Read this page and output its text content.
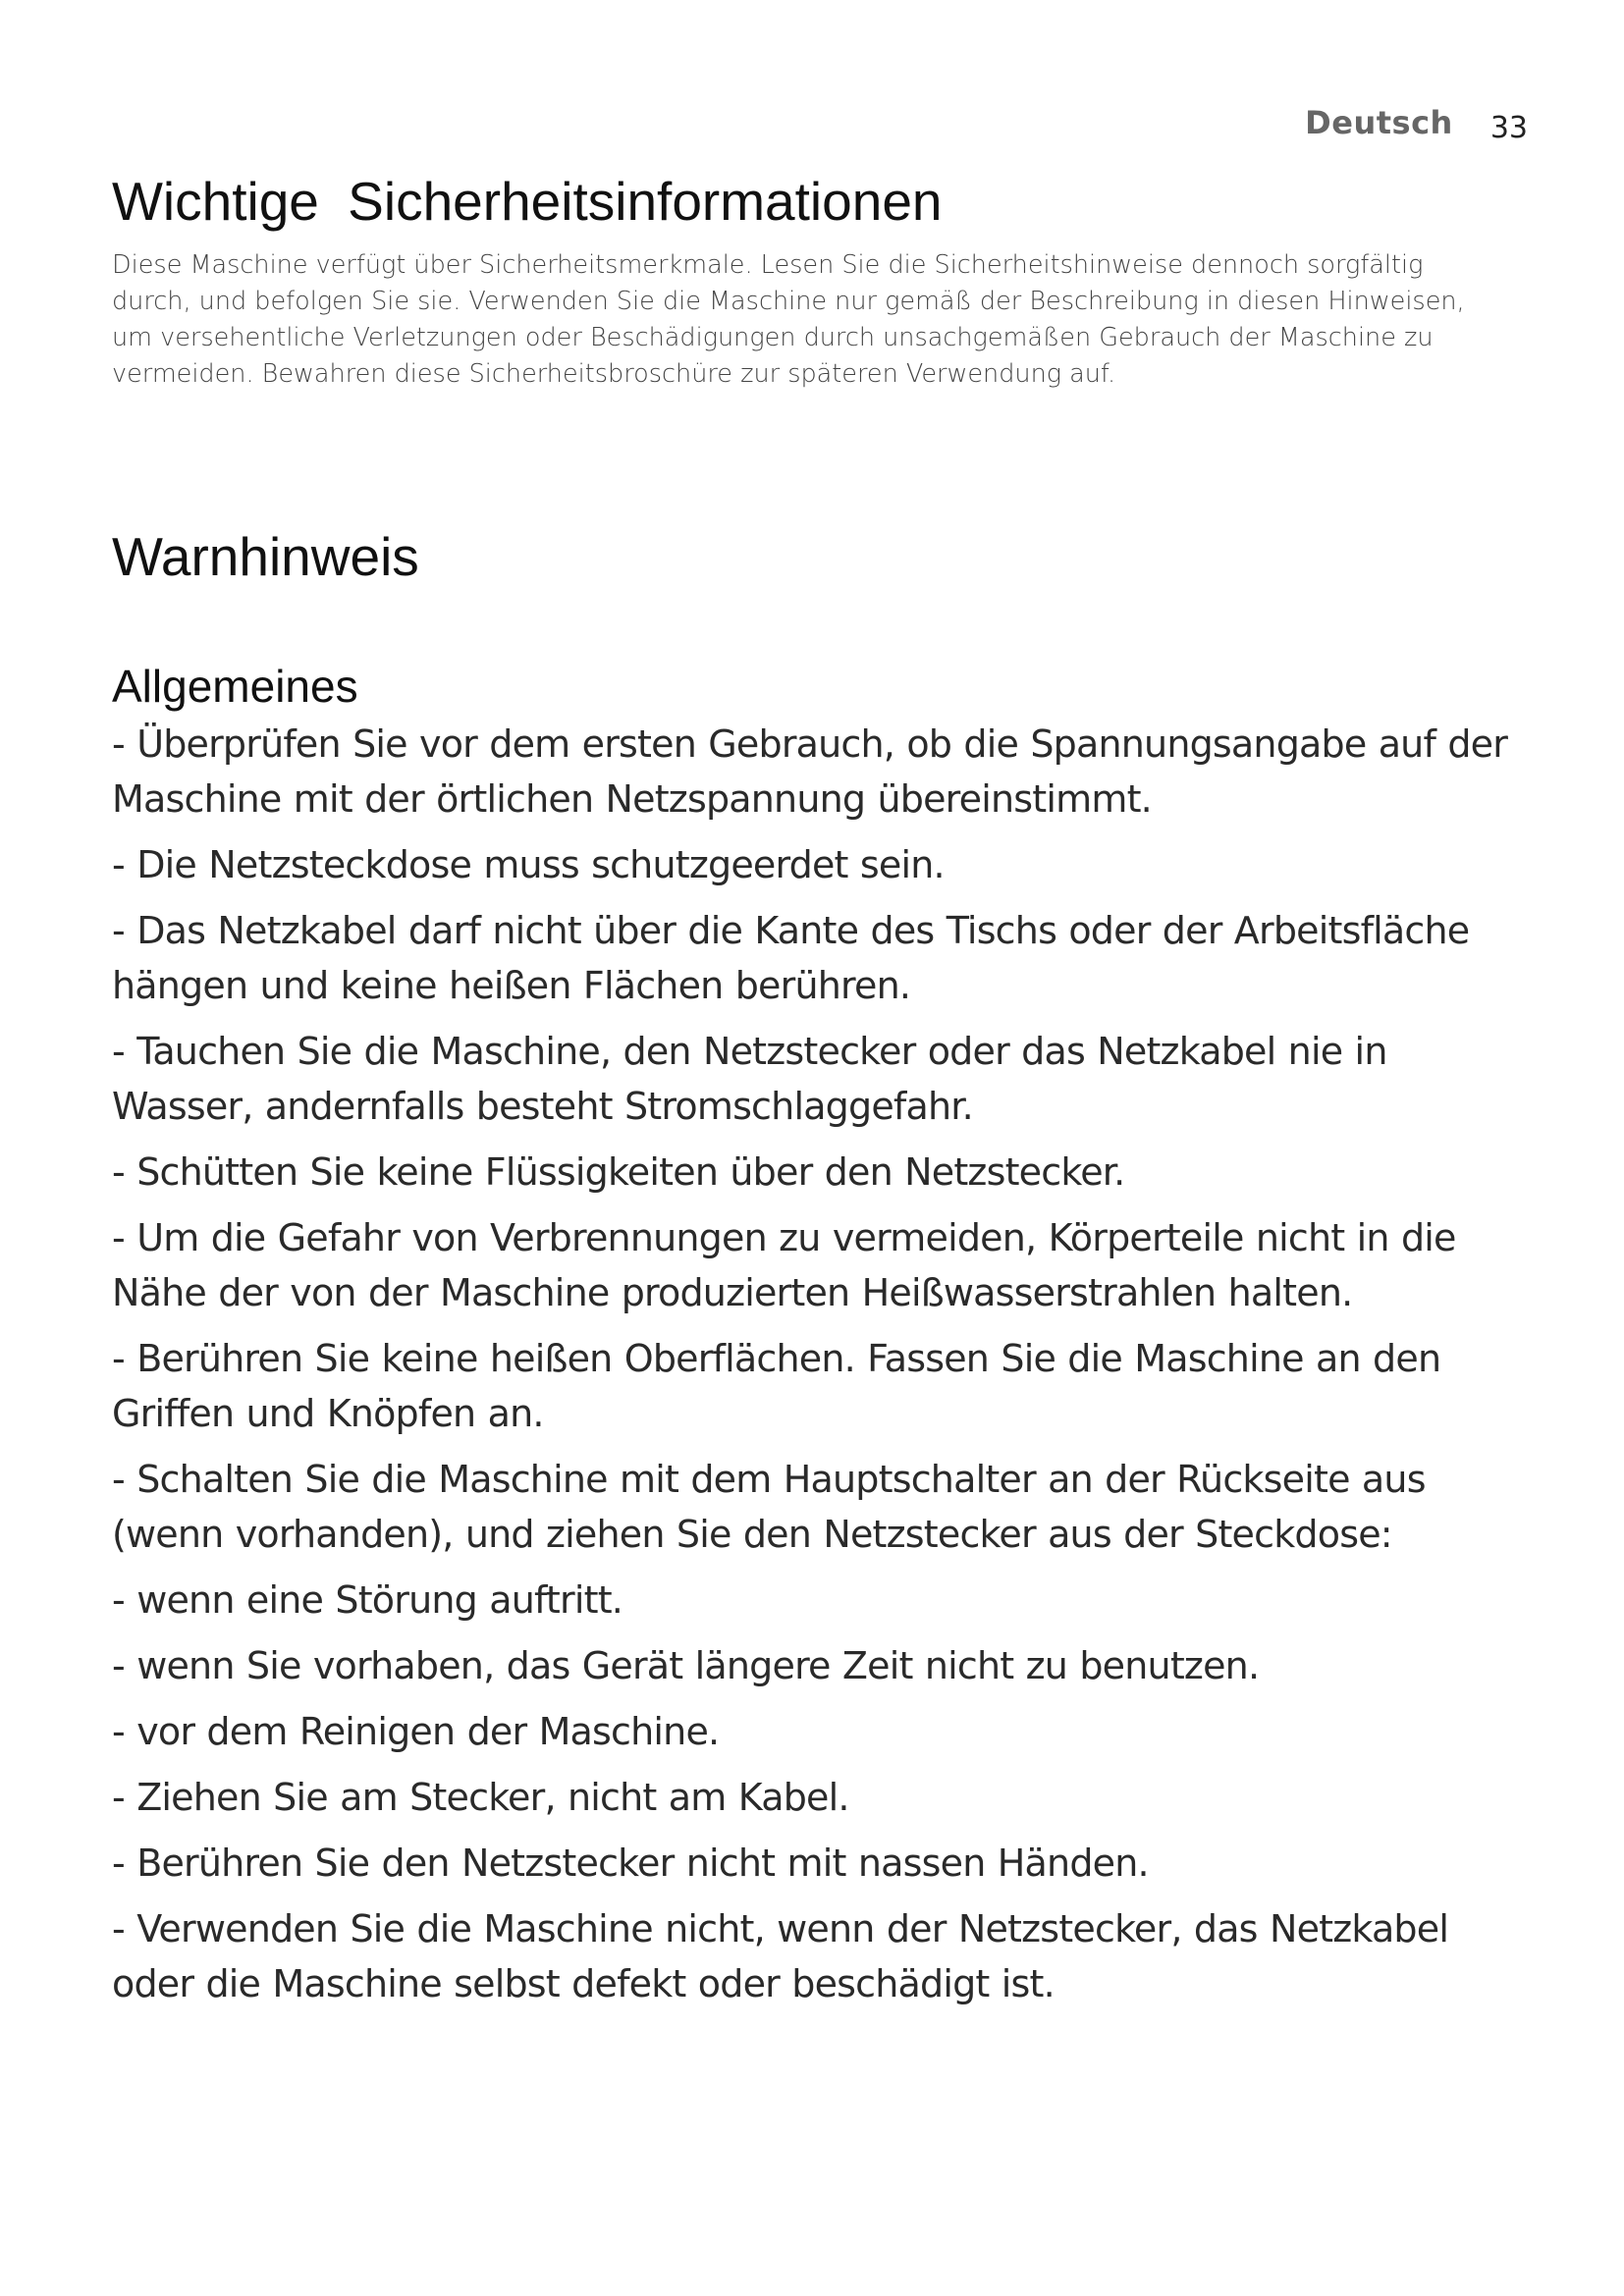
Deutsch 33
Wichtige Sicherheitsinformationen

Diese Maschine verfügt über Sicherheitsmerkmale. Lesen Sie die Sicherheitshinweise dennoch sorgfältig durch, und befolgen Sie sie. Verwenden Sie die Maschine nur gemäß der Beschreibung in diesen Hinweisen, um versehentliche Verletzungen oder Beschädigungen durch unsachgemäßen Gebrauch der Maschine zu vermeiden. Bewahren diese Sicherheitsbroschüre zur späteren Verwendung auf.

Warnhinweis
Allgemeines
- Überprüfen Sie vor dem ersten Gebrauch, ob die Spannungsangabe auf der Maschine mit der örtlichen Netzspannung übereinstimmt.
- Die Netzsteckdose muss schutzgeerdet sein.
- Das Netzkabel darf nicht über die Kante des Tischs oder der Arbeitsfläche hängen und keine heißen Flächen berühren.
- Tauchen Sie die Maschine, den Netzstecker oder das Netzkabel nie in Wasser, andernfalls besteht Stromschlaggefahr.
- Schütten Sie keine Flüssigkeiten über den Netzstecker.
- Um die Gefahr von Verbrennungen zu vermeiden, Körperteile nicht in die Nähe der von der Maschine produzierten Heißwasserstrahlen halten.
- Berühren Sie keine heißen Oberflächen. Fassen Sie die Maschine an den Griffen und Knöpfen an.
- Schalten Sie die Maschine mit dem Hauptschalter an der Rückseite aus (wenn vorhanden), und ziehen Sie den Netzstecker aus der Steckdose:
- wenn eine Störung auftritt.
- wenn Sie vorhaben, das Gerät längere Zeit nicht zu benutzen.
- vor dem Reinigen der Maschine.
- Ziehen Sie am Stecker, nicht am Kabel.
- Berühren Sie den Netzstecker nicht mit nassen Händen.
- Verwenden Sie die Maschine nicht, wenn der Netzstecker, das Netzkabel oder die Maschine selbst defekt oder beschädigt ist.
